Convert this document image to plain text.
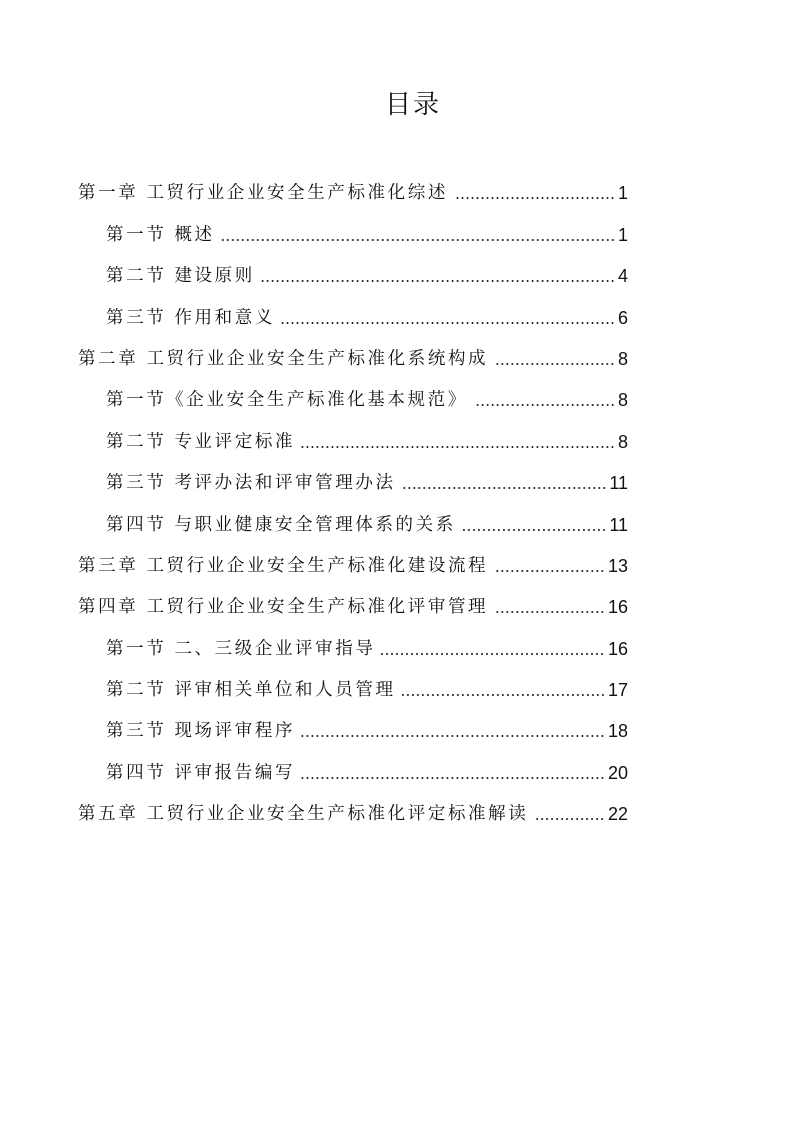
目录
第一章 工贸行业企业安全生产标准化综述	1
第一节 概述	1
第二节 建设原则	4
第三节 作用和意义	6
第二章 工贸行业企业安全生产标准化系统构成	8
第一节《企业安全生产标准化基本规范》	8
第二节 专业评定标准	8
第三节 考评办法和评审管理办法	11
第四节 与职业健康安全管理体系的关系	11
第三章 工贸行业企业安全生产标准化建设流程	13
第四章 工贸行业企业安全生产标准化评审管理	16
第一节 二、三级企业评审指导	16
第二节 评审相关单位和人员管理	17
第三节 现场评审程序	18
第四节 评审报告编写	20
第五章 工贸行业企业安全生产标准化评定标准解读	22
